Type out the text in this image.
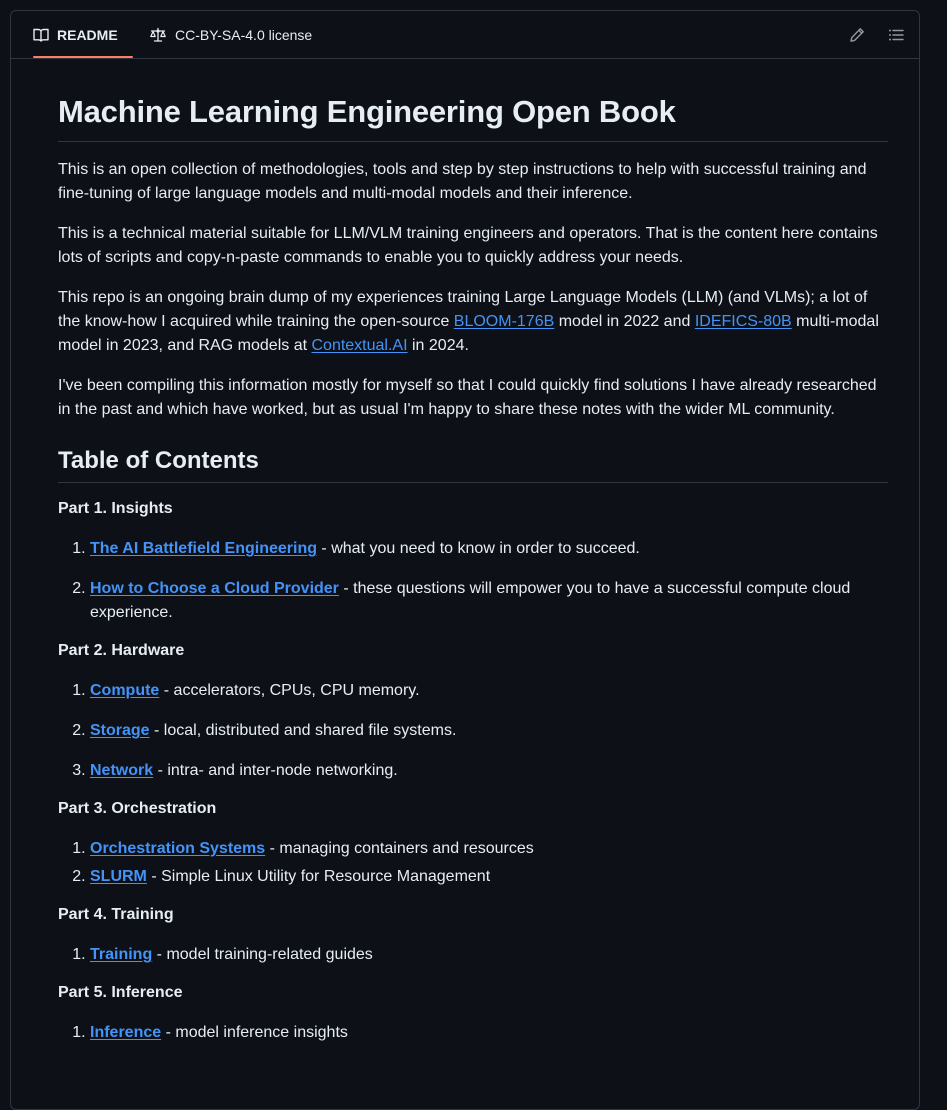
README	CC-BY-SA-4.0 license
Machine Learning Engineering Open Book

This is an open collection of methodologies, tools and step by step instructions to help with successful training and fine-tuning of large language models and multi-modal models and their inference.

This is a technical material suitable for LLM/VLM training engineers and operators. That is the content here contains lots of scripts and copy-n-paste commands to enable you to quickly address your needs.

This repo is an ongoing brain dump of my experiences training Large Language Models (LLM) (and VLMs); a lot of the know-how I acquired while training the open-source BLOOM-176B model in 2022 and IDEFICS-80B multi-modal model in 2023, and RAG models at Contextual.AI in 2024.

I've been compiling this information mostly for myself so that I could quickly find solutions I have already researched in the past and which have worked, but as usual I'm happy to share these notes with the wider ML community.

Table of Contents
Part 1. Insights
1. The AI Battlefield Engineering - what you need to know in order to succeed.
2. How to Choose a Cloud Provider - these questions will empower you to have a successful compute cloud experience.
Part 2. Hardware
1. Compute - accelerators, CPUs, CPU memory.
2. Storage - local, distributed and shared file systems.
3. Network - intra- and inter-node networking.
Part 3. Orchestration
1. Orchestration Systems - managing containers and resources
2. SLURM - Simple Linux Utility for Resource Management
Part 4. Training
1. Training - model training-related guides
Part 5. Inference
1. Inference - model inference insights
